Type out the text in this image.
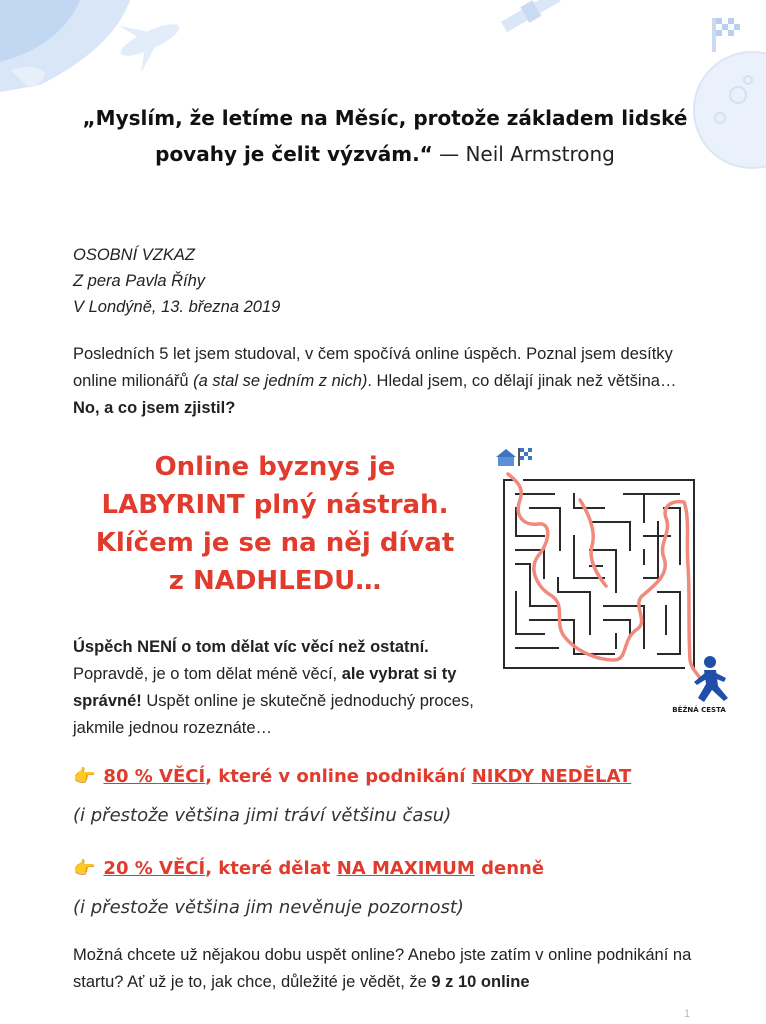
„Myslím, že letíme na Měsíc, protože základem lidské povahy je čelit výzvám.“ — Neil Armstrong
OSOBNÍ VZKAZ
Z pera Pavla Říhy
V Londýně, 13. března 2019
Posledních 5 let jsem studoval, v čem spočívá online úspěch. Poznal jsem desítky online milionářů (a stal se jedním z nich). Hledal jsem, co dělají jinak než většina… No, a co jsem zjistil?
Online byznys je
LABYRINT plný nástrah.
Klíčem je se na něj dívat
z NADHLEDU…
BĚŽNÁ CESTA
Úspěch NENÍ o tom dělat víc věcí než ostatní. Popravdě, je o tom dělat méně věcí, ale vybrat si ty správné! Uspět online je skutečně jednoduchý proces, jakmile jednou rozeznáte…
👉 80 % VĚCÍ, které v online podnikání NIKDY NEDĚLAT
(i přestože většina jimi tráví většinu času)
👉 20 % VĚCÍ, které dělat NA MAXIMUM denně
(i přestože většina jim nevěnuje pozornost)
Možná chcete už nějakou dobu uspět online? Anebo jste zatím v online podnikání na startu? Ať už je to, jak chce, důležité je vědět, že 9 z 10 online
1
